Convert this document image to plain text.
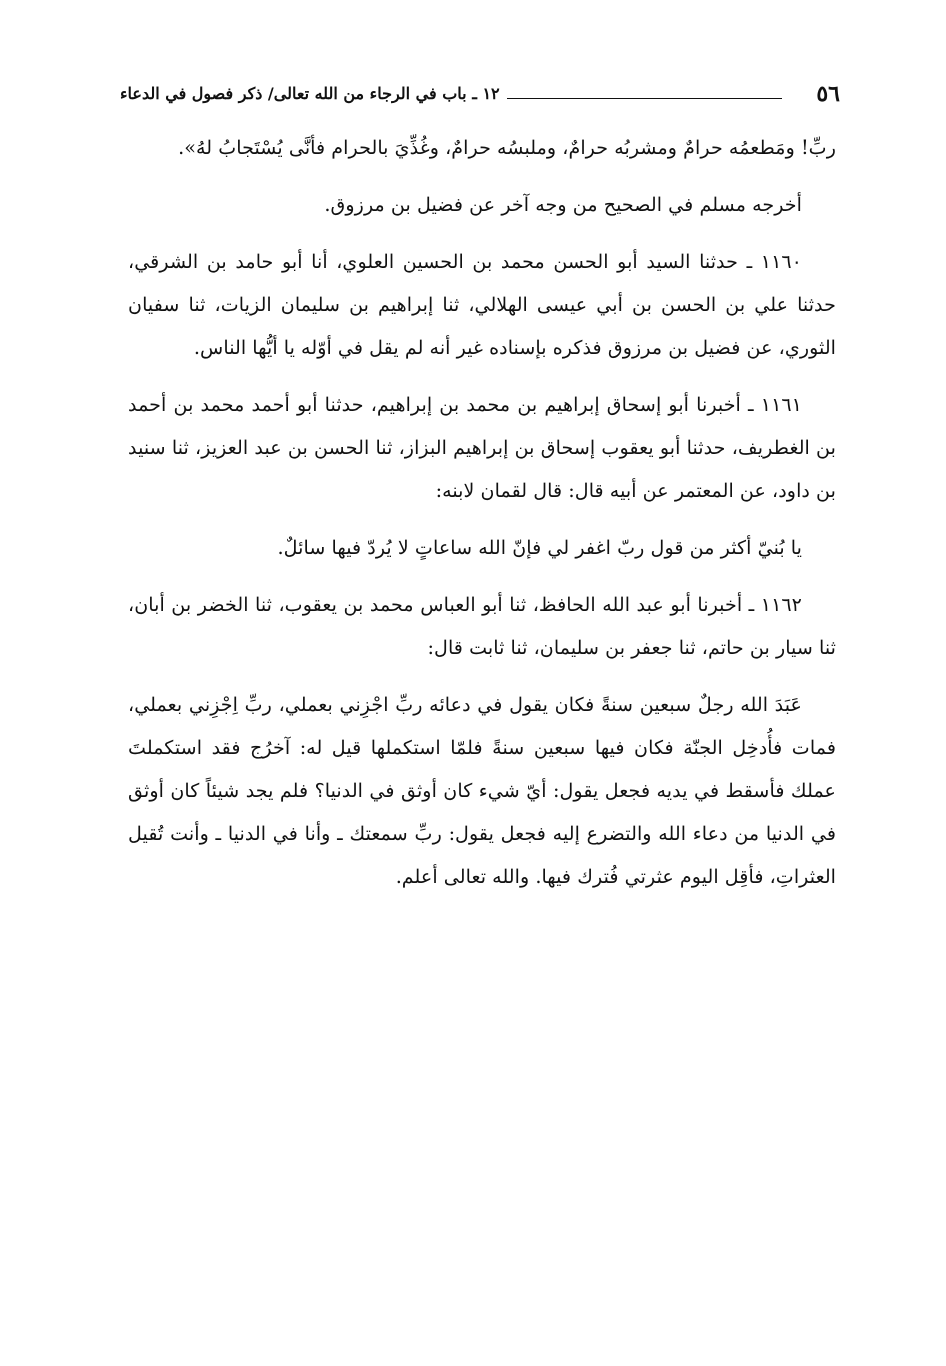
٥٦
١٢ ـ باب في الرجاء من الله تعالى/ ذكر فصول في الدعاء

ربِّ! ومَطعمُه حرامٌ ومشربُه حرامٌ، وملبسُه حرامٌ، وغُذِّيَ بالحرام فأنَّى يُسْتَجابُ لهُ».

أخرجه مسلم في الصحيح من وجه آخر عن فضيل بن مرزوق.

١١٦٠ ـ حدثنا السيد أبو الحسن محمد بن الحسين العلوي، أنا أبو حامد بن الشرقي، حدثنا علي بن الحسن بن أبي عيسى الهلالي، ثنا إبراهيم بن سليمان الزيات، ثنا سفيان الثوري، عن فضيل بن مرزوق فذكره بإسناده غير أنه لم يقل في أوّله يا أيُّها الناس.

١١٦١ ـ أخبرنا أبو إسحاق إبراهيم بن محمد بن إبراهيم، حدثنا أبو أحمد محمد بن أحمد بن الغطريف، حدثنا أبو يعقوب إسحاق بن إبراهيم البزاز، ثنا الحسن بن عبد العزيز، ثنا سنيد بن داود، عن المعتمر عن أبيه قال: قال لقمان لابنه:

يا بُنيّ أكثر من قول ربّ اغفر لي فإنّ الله ساعاتٍ لا يُردّ فيها سائلٌ.

١١٦٢ ـ أخبرنا أبو عبد الله الحافظ، ثنا أبو العباس محمد بن يعقوب، ثنا الخضر بن أبان، ثنا سيار بن حاتم، ثنا جعفر بن سليمان، ثنا ثابت قال:

عَبَدَ الله رجلٌ سبعين سنةً فكان يقول في دعائه ربِّ اجْزِني بعملي، ربِّ اِجْزِني بعملي، فمات فأُدخِل الجنّة فكان فيها سبعين سنةً فلمّا استكملها قيل له: آخرُج فقد استكملتَ عملك فأسقط في يديه فجعل يقول: أيّ شيء كان أوثق في الدنيا؟ فلم يجد شيئاً كان أوثق في الدنيا من دعاء الله والتضرع إليه فجعل يقول: ربِّ سمعتك ـ وأنا في الدنيا ـ وأنت تُقيل العثراتِ، فأقِل اليوم عثرتي فُترك فيها. والله تعالى أعلم.
